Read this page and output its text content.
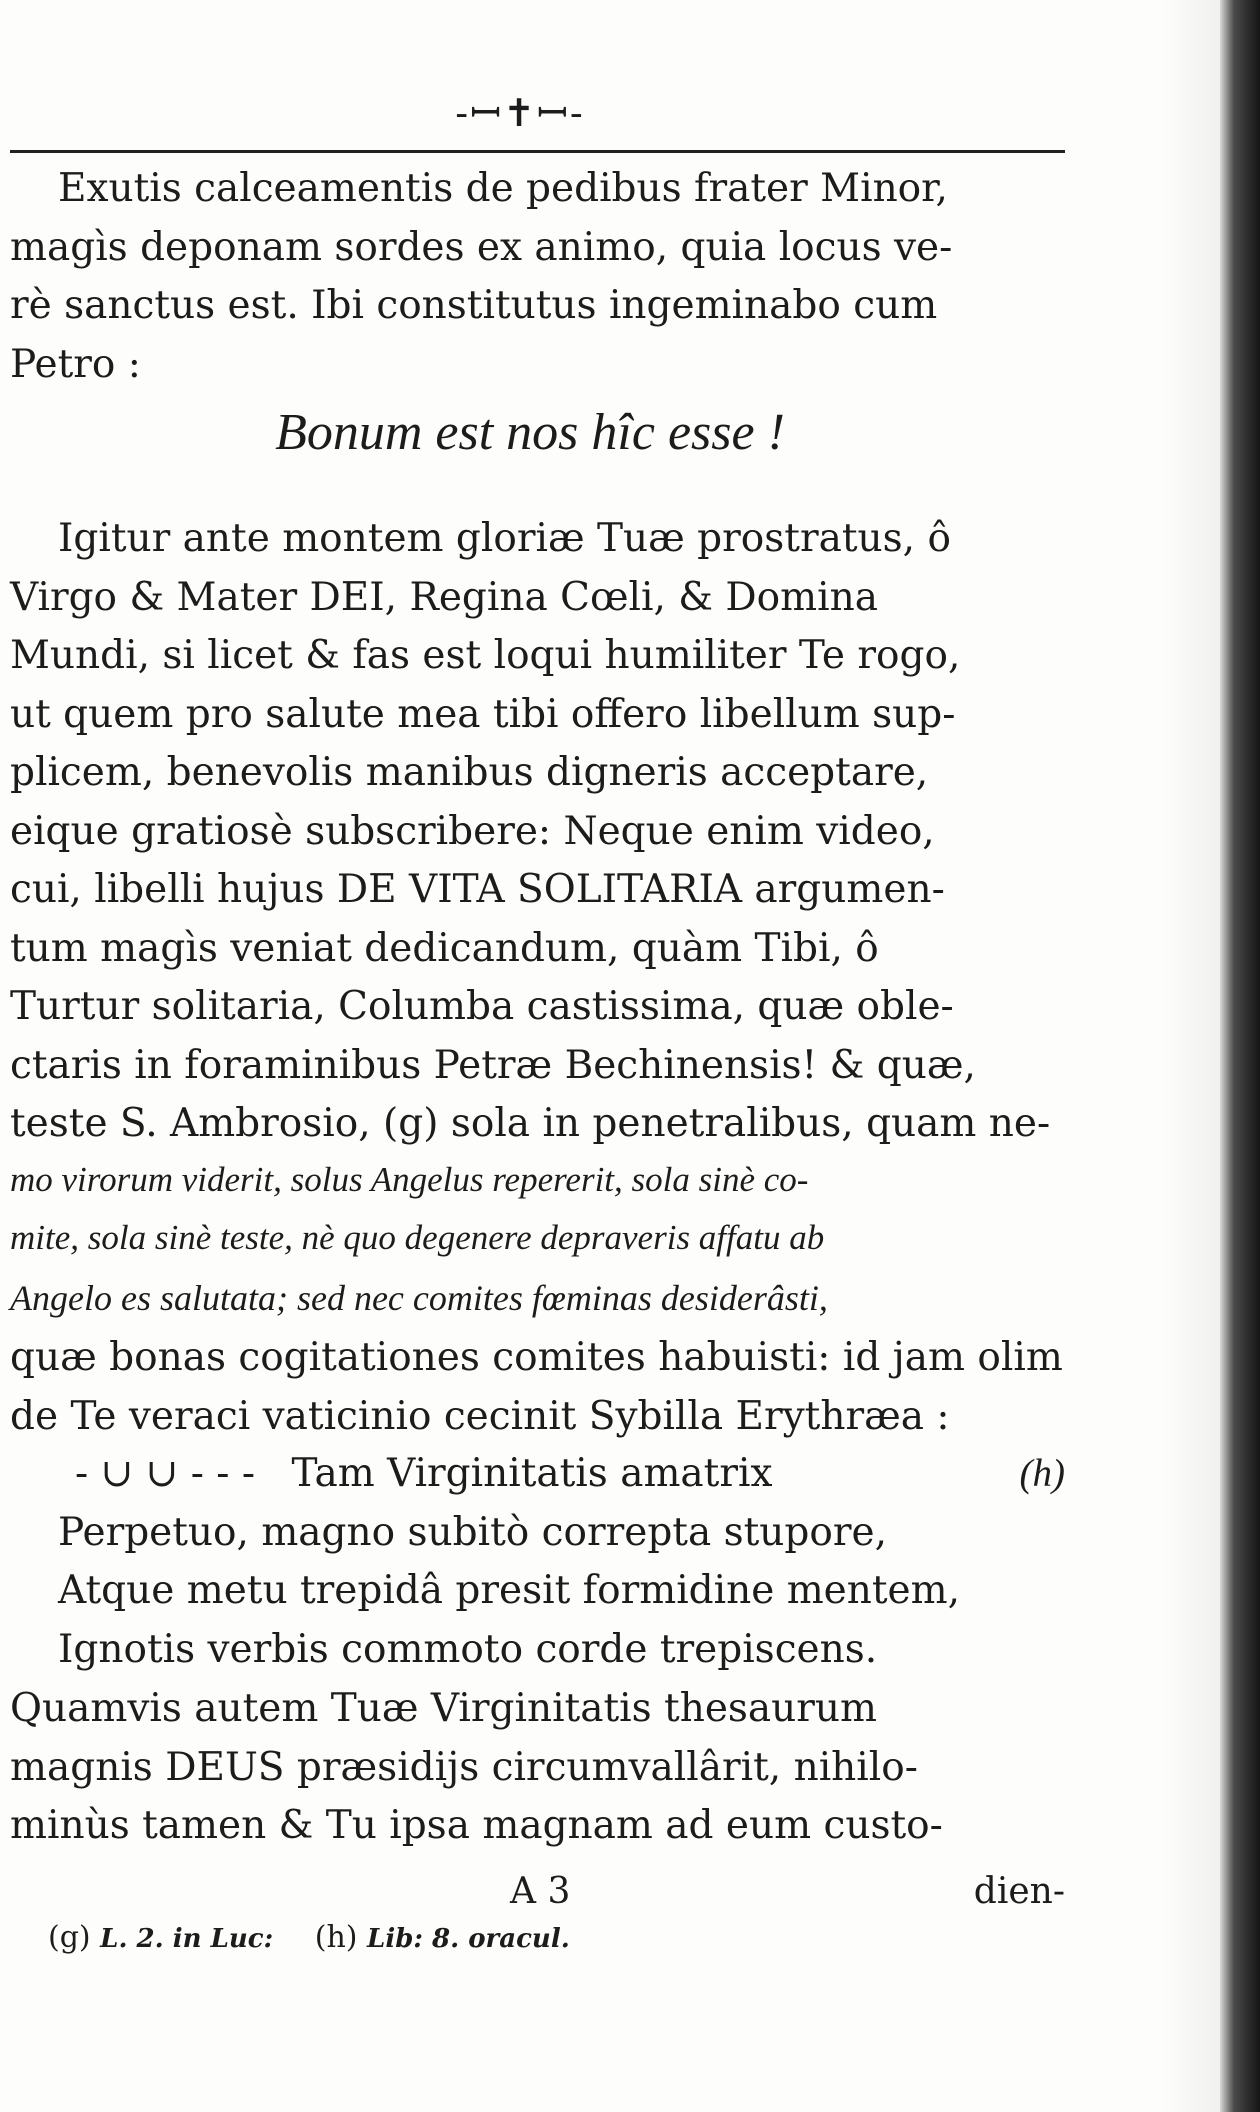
-ꟷ✝ꟷ-
Exutis calceamentis de pedibus frater Minor,
magìs deponam sordes ex animo, quia locus ve-
rè sanctus est. Ibi constitutus ingeminabo cum
Petro :
Bonum est nos hîc esse !
Igitur ante montem gloriæ Tuæ prostratus, ô
Virgo & Mater DEI, Regina Cœli, & Domina
Mundi, si licet & fas est loqui humiliter Te rogo,
ut quem pro salute mea tibi offero libellum sup-
plicem, benevolis manibus digneris acceptare,
eique gratiosè subscribere: Neque enim video,
cui, libelli hujus DE VITA SOLITARIA argumen-
tum magìs veniat dedicandum, quàm Tibi, ô
Turtur solitaria, Columba castissima, quæ oble-
ctaris in foraminibus Petræ Bechinensis! & quæ,
teste S. Ambrosio, (g) sola in penetralibus, quam ne-
mo virorum viderit, solus Angelus repererit, sola sinè co-
mite, sola sinè teste, nè quo degenere depraveris affatu ab
Angelo es salutata; sed nec comites fœminas desiderâsti,
quæ bonas cogitationes comites habuisti: id jam olim
de Te veraci vaticinio cecinit Sybilla Erythræa :
- ∪ ∪ - - - Tam Virginitatis amatrix	(h)
Perpetuo, magno subitò correpta stupore,
Atque metu trepidâ presit formidine mentem,
Ignotis verbis commoto corde trepiscens.
Quamvis autem Tuæ Virginitatis thesaurum
magnis DEUS præsidijs circumvallârit, nihilo-
minùs tamen & Tu ipsa magnam ad eum custo-
A 3	dien-
(g) L. 2. in Luc: (h) Lib: 8. oracul.
